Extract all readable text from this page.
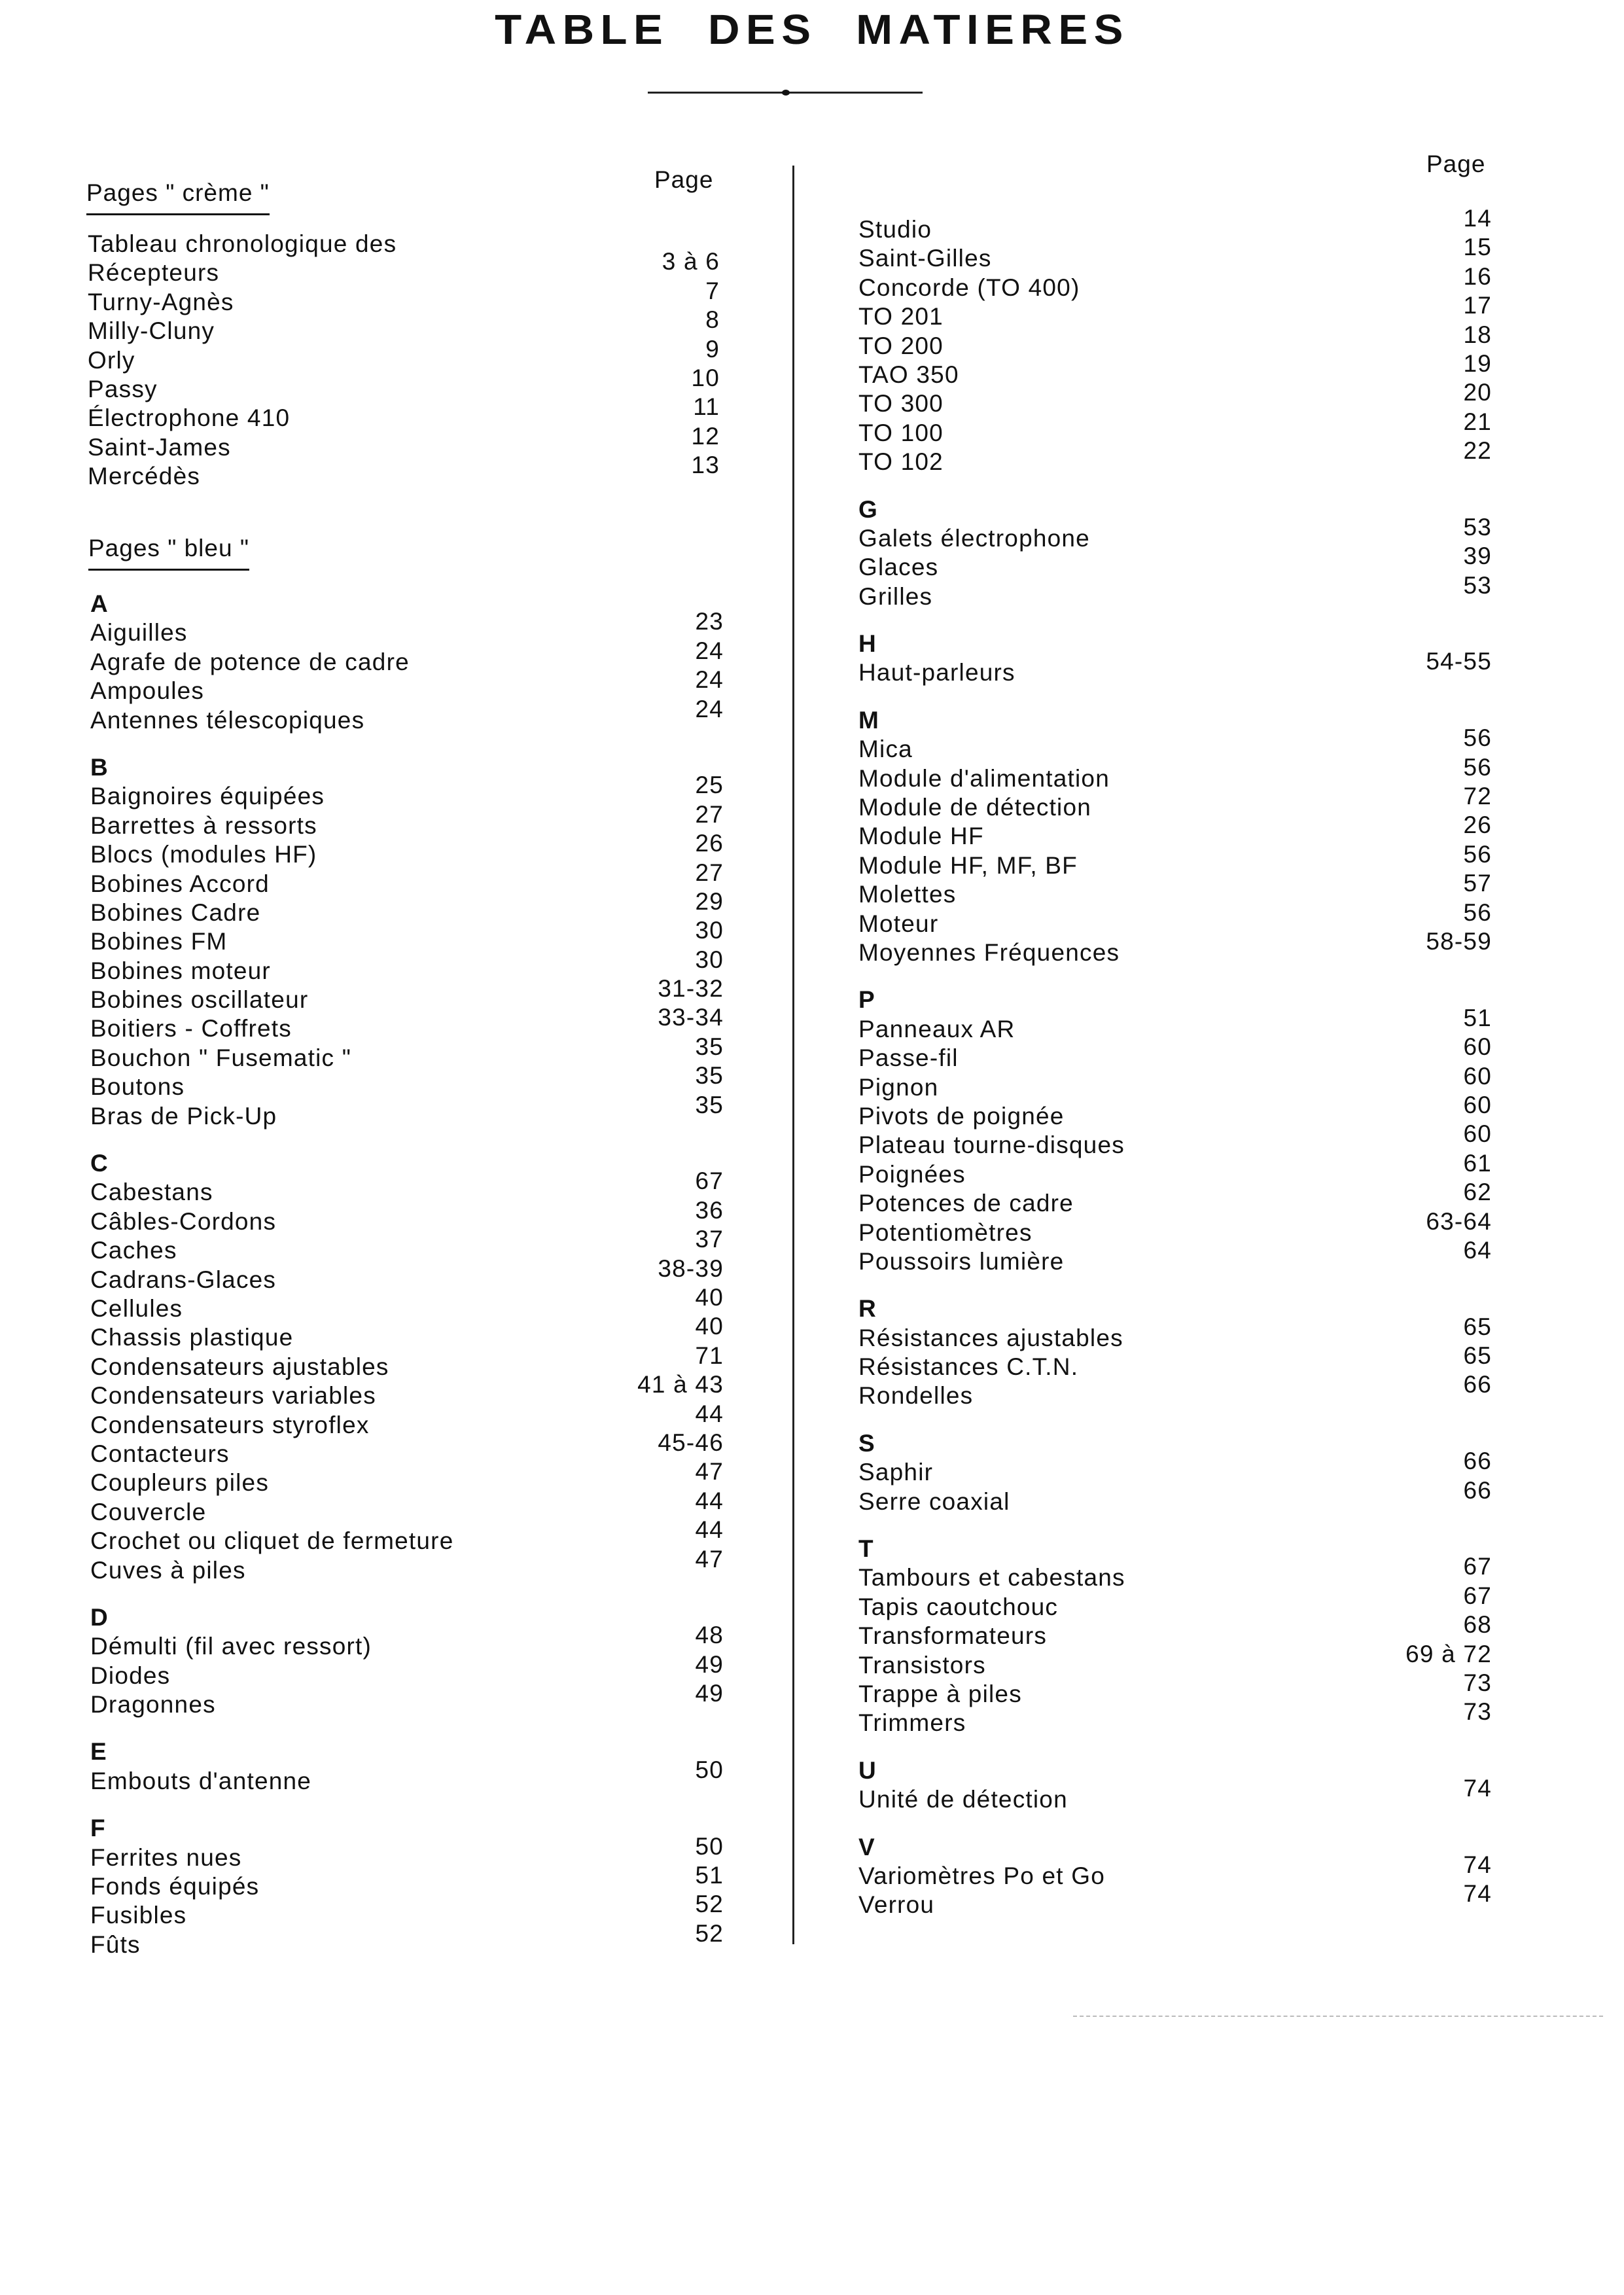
TABLE DES MATIERES
Page
Page
Pages " crème "
Tableau chronologique des
Récepteurs	3 à 6
Turny-Agnès	7
Milly-Cluny	8
Orly	9
Passy	10
Électrophone 410	11
Saint-James	12
Mercédès	13
Pages " bleu "
A
Aiguilles	23
Agrafe de potence de cadre	24
Ampoules	24
Antennes télescopiques	24
B
Baignoires équipées	25
Barrettes à ressorts	27
Blocs (modules HF)	26
Bobines Accord	27
Bobines Cadre	29
Bobines FM	30
Bobines moteur	30
Bobines oscillateur	31-32
Boitiers - Coffrets	33-34
Bouchon " Fusematic "	35
Boutons	35
Bras de Pick-Up	35
C
Cabestans	67
Câbles-Cordons	36
Caches	37
Cadrans-Glaces	38-39
Cellules	40
Chassis plastique	40
Condensateurs ajustables	71
Condensateurs variables	41 à 43
Condensateurs styroflex	44
Contacteurs	45-46
Coupleurs piles	47
Couvercle	44
Crochet ou cliquet de fermeture	44
Cuves à piles	47
D
Démulti (fil avec ressort)	48
Diodes	49
Dragonnes	49
E
Embouts d'antenne	50
F
Ferrites nues	50
Fonds équipés	51
Fusibles	52
Fûts	52
Studio	14
Saint-Gilles	15
Concorde (TO 400)	16
TO 201	17
TO 200	18
TAO 350	19
TO 300	20
TO 100	21
TO 102	22
G
Galets électrophone	53
Glaces	39
Grilles	53
H
Haut-parleurs	54-55
M
Mica	56
Module d'alimentation	56
Module de détection	72
Module HF	26
Module HF, MF, BF	56
Molettes	57
Moteur	56
Moyennes Fréquences	58-59
P
Panneaux AR	51
Passe-fil	60
Pignon	60
Pivots de poignée	60
Plateau tourne-disques	60
Poignées	61
Potences de cadre	62
Potentiomètres	63-64
Poussoirs lumière	64
R
Résistances ajustables	65
Résistances C.T.N.	65
Rondelles	66
S
Saphir	66
Serre coaxial	66
T
Tambours et cabestans	67
Tapis caoutchouc	67
Transformateurs	68
Transistors	69 à 72
Trappe à piles	73
Trimmers	73
U
Unité de détection	74
V
Variomètres Po et Go	74
Verrou	74
